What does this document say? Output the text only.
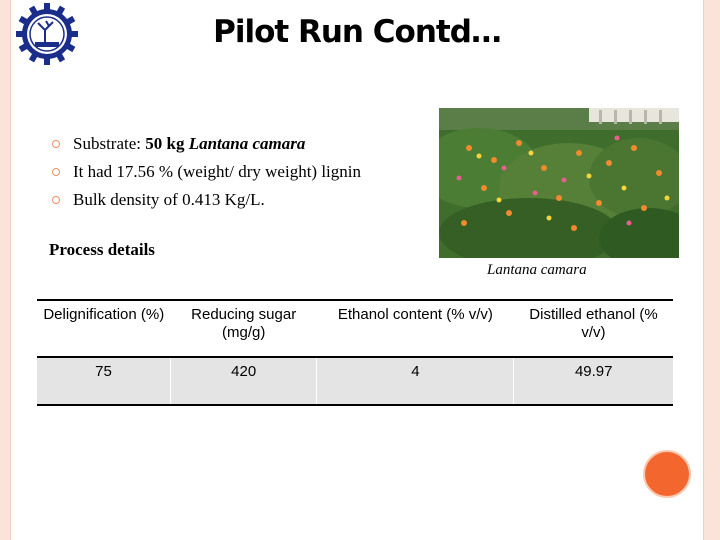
Pilot Run Contd…
Substrate: 50 kg Lantana camara
It had 17.56 % (weight/ dry weight) lignin
Bulk density of 0.413 Kg/L.
Process details
Lantana camara
Delignification (%)	Reducing sugar (mg/g)	Ethanol content (% v/v)	Distilled ethanol (% v/v)
75	420	4	49.97
